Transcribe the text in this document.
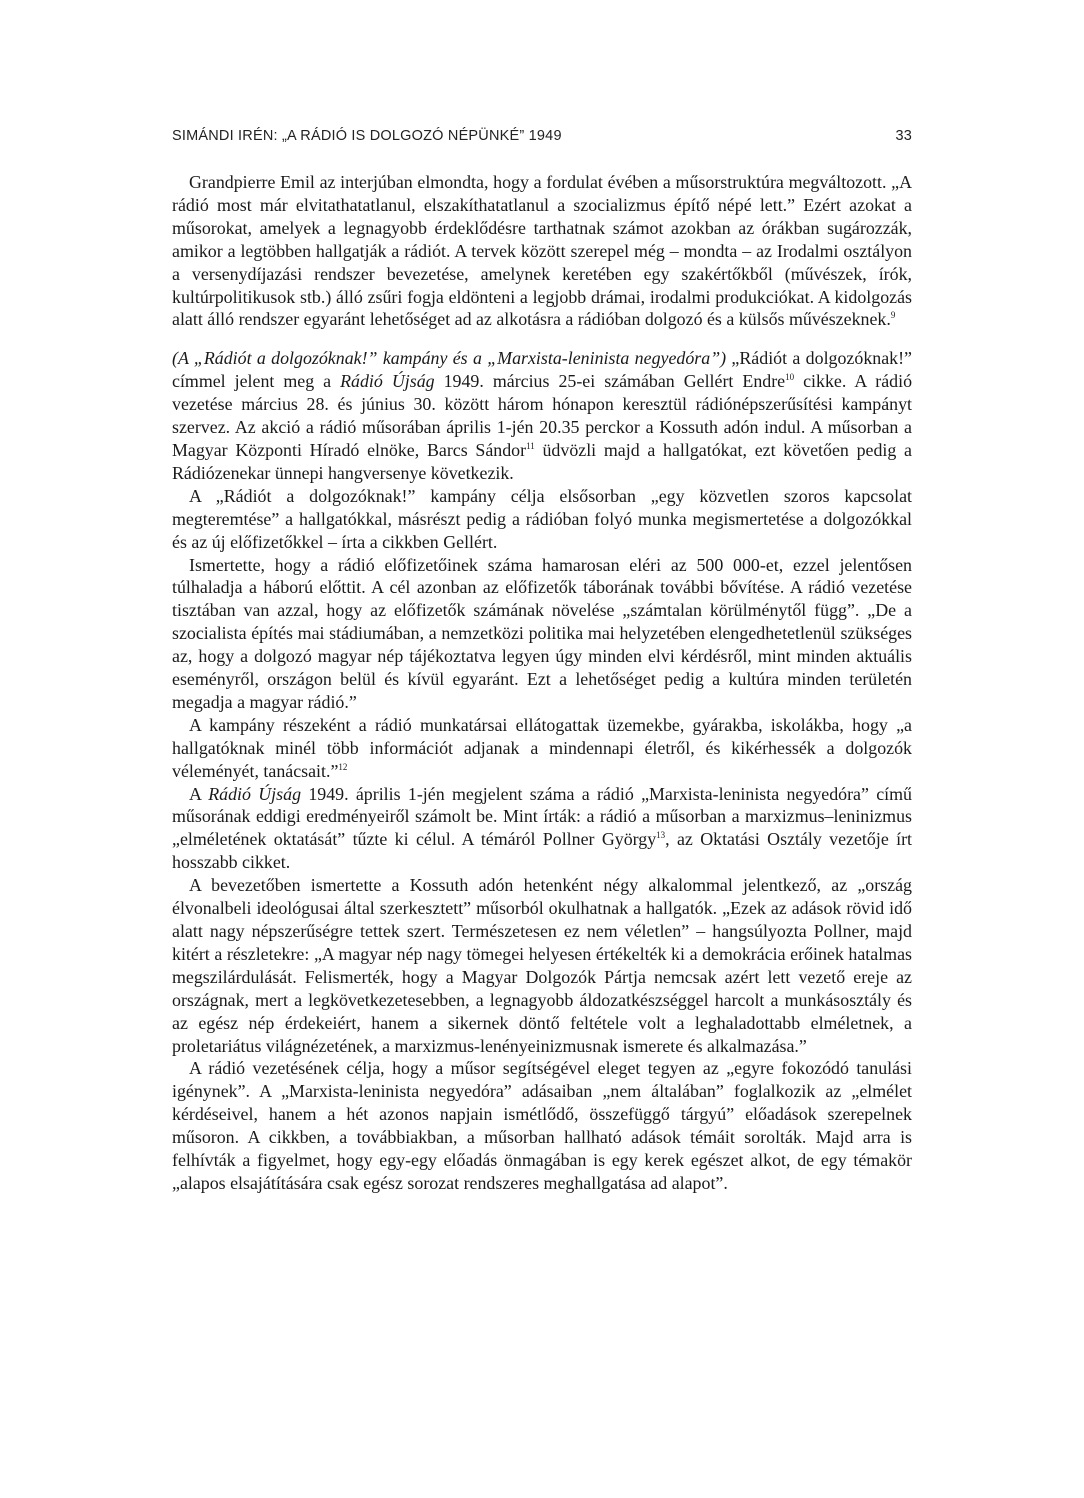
SIMÁNDI IRÉN: „A RÁDIÓ IS DOLGOZÓ NÉPÜNKÉ” 1949	33

Grandpierre Emil az interjúban elmondta, hogy a fordulat évében a műsorstruktúra megváltozott. „A rádió most már elvitathatatlanul, elszakíthatatlanul a szocializmus építő népé lett.” Ezért azokat a műsorokat, amelyek a legnagyobb érdeklődésre tarthatnak számot azokban az órákban sugározzák, amikor a legtöbben hallgatják a rádiót. A tervek között szerepel még – mondta – az Irodalmi osztályon a versenydíjazási rendszer bevezetése, amelynek keretében egy szakértőkből (művészek, írók, kultúrpolitikusok stb.) álló zsűri fogja eldönteni a legjobb drámai, irodalmi produkciókat. A kidolgozás alatt álló rendszer egyaránt lehetőséget ad az alkotásra a rádióban dolgozó és a külsős művészeknek.$^9$

(A „Rádiót a dolgozóknak!” kampány és a „Marxista-leninista negyedóra”) „Rádiót a dolgozóknak!” címmel jelent meg a Rádió Újság 1949. március 25-ei számában Gellért Endre$^{10}$ cikke. A rádió vezetése március 28. és június 30. között három hónapon keresztül rádiónépszerűsítési kampányt szervez. Az akció a rádió műsorában április 1-jén 20.35 perckor a Kossuth adón indul. A műsorban a Magyar Központi Híradó elnöke, Barcs Sándor$^{11}$ üdvözli majd a hallgatókat, ezt követően pedig a Rádiózenekar ünnepi hangversenye következik.

A „Rádiót a dolgozóknak!” kampány célja elsősorban „egy közvetlen szoros kapcsolat megteremtése” a hallgatókkal, másrészt pedig a rádióban folyó munka megismertetése a dolgozókkal és az új előfizetőkkel – írta a cikkben Gellért.

Ismertette, hogy a rádió előfizetőinek száma hamarosan eléri az 500 000-et, ezzel jelentősen túlhaladja a háború előttit. A cél azonban az előfizetők táborának további bővítése. A rádió vezetése tisztában van azzal, hogy az előfizetők számának növelése „számtalan körülménytől függ”. „De a szocialista építés mai stádiumában, a nemzetközi politika mai helyzetében elengedhetetlenül szükséges az, hogy a dolgozó magyar nép tájékoztatva legyen úgy minden elvi kérdésről, mint minden aktuális eseményről, országon belül és kívül egyaránt. Ezt a lehetőséget pedig a kultúra minden területén megadja a magyar rádió.”

A kampány részeként a rádió munkatársai ellátogattak üzemekbe, gyárakba, iskolákba, hogy „a hallgatóknak minél több információt adjanak a mindennapi életről, és kikérhessék a dolgozók véleményét, tanácsait.”$^{12}$

A Rádió Újság 1949. április 1-jén megjelent száma a rádió „Marxista-leninista negyedóra” című műsorának eddigi eredményeiről számolt be. Mint írták: a rádió a műsorban a marxizmus–leninizmus „elméletének oktatását” tűzte ki célul. A témáról Pollner György$^{13}$, az Oktatási Osztály vezetője írt hosszabb cikket.

A bevezetőben ismertette a Kossuth adón hetenként négy alkalommal jelentkező, az „ország élvonalbeli ideológusai által szerkesztett” műsorból okulhatnak a hallgatók. „Ezek az adások rövid idő alatt nagy népszerűségre tettek szert. Természetesen ez nem véletlen” – hangsúlyozta Pollner, majd kitért a részletekre: „A magyar nép nagy tömegei helyesen értékelték ki a demokrácia erőinek hatalmas megszilárdulását. Felismerték, hogy a Magyar Dolgozók Pártja nemcsak azért lett vezető ereje az országnak, mert a legkövetkezetesebben, a legnagyobb áldozatkészséggel harcolt a munkásosztály és az egész nép érdekeiért, hanem a sikernek döntő feltétele volt a leghaladottabb elméletnek, a proletariátus világnézetének, a marxizmus-lenényeinizmusnak ismerete és alkalmazása.”

A rádió vezetésének célja, hogy a műsor segítségével eleget tegyen az „egyre fokozódó tanulási igénynek”. A „Marxista-leninista negyedóra” adásaiban „nem általában” foglalkozik az „elmélet kérdéseivel, hanem a hét azonos napjain ismétlődő, összefüggő tárgyú” előadások szerepelnek műsoron. A cikkben, a továbbiakban, a műsorban hallható adások témáit sorolták. Majd arra is felhívták a figyelmet, hogy egy-egy előadás önmagában is egy kerek egészet alkot, de egy témakör „alapos elsajátítására csak egész sorozat rendszeres meghallgatása ad alapot”.
